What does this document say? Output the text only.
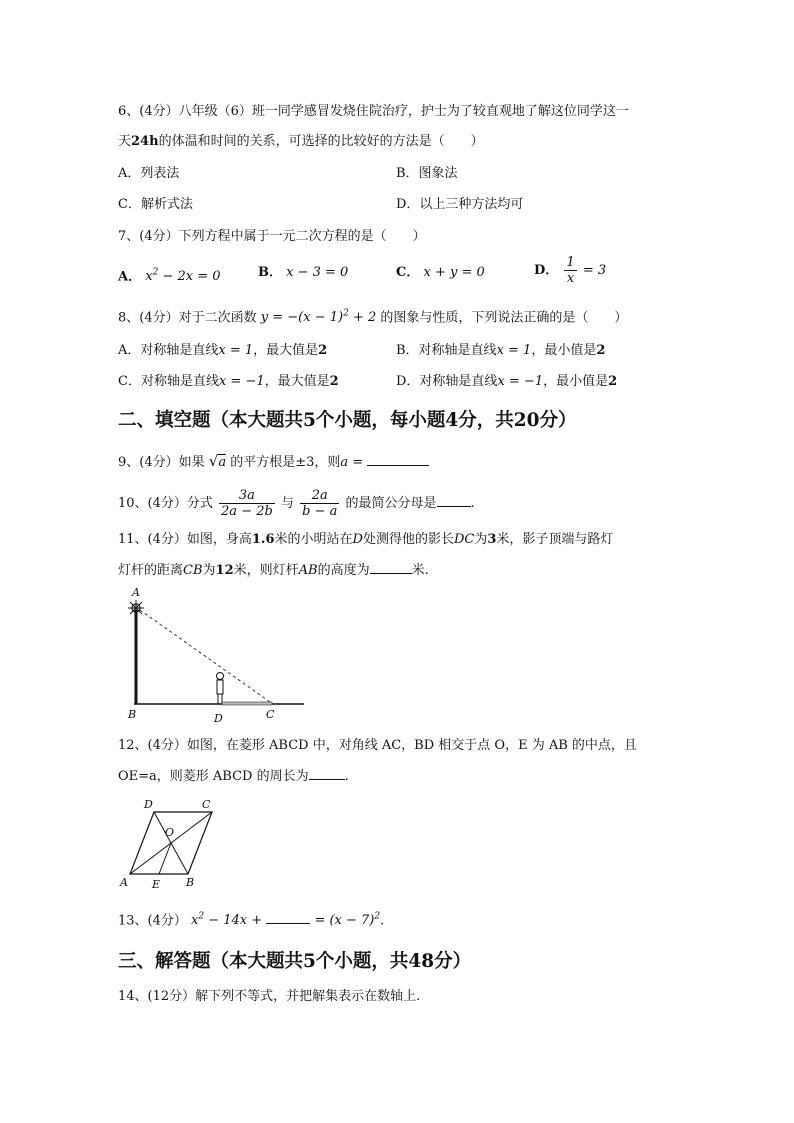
6、(4分）八年级（6）班一同学感冒发烧住院治疗，护士为了较直观地了解这位同学这一
天24h的体温和时间的关系，可选择的比较好的方法是（　　）
A．列表法	B．图象法
C．解析式法	D．以上三种方法均可
7、(4分）下列方程中属于一元二次方程的是（　　）
A． $x^2 - 2x = 0$	B． x − 3 = 0	C． x + y = 0	D． $\frac{1}{x} = 3$
8、(4分）对于二次函数 $y = -(x - 1)^2 + 2$ 的图象与性质，下列说法正确的是（　　）
A．对称轴是直线x = 1，最大值是2	B．对称轴是直线x = 1，最小值是2
C．对称轴是直线x = −1，最大值是2	D．对称轴是直线x = −1，最小值是2
二、填空题（本大题共5个小题，每小题4分，共20分）
9、(4分）如果 √a 的平方根是±3，则a =
10、(4分）分式 $\frac{3a}{2a - 2b}$ 与 $\frac{2a}{b - a}$ 的最简公分母是	.
11、(4分）如图，身高1.6米的小明站在D处测得他的影长DC为3米，影子顶端与路灯
灯杆的距离CB为12米，则灯杆AB的高度为	米.
A
B	D	C
12、(4分）如图，在菱形 ABCD 中，对角线 AC，BD 相交于点 O，E 为 AB 的中点，且
OE=a，则菱形 ABCD 的周长为	.
D	C
O
A E B
13、(4分） $x^2 - 14x$ +	= $(x - 7)^2$.
三、解答题（本大题共5个小题，共48分）
14、(12分）解下列不等式，并把解集表示在数轴上.
